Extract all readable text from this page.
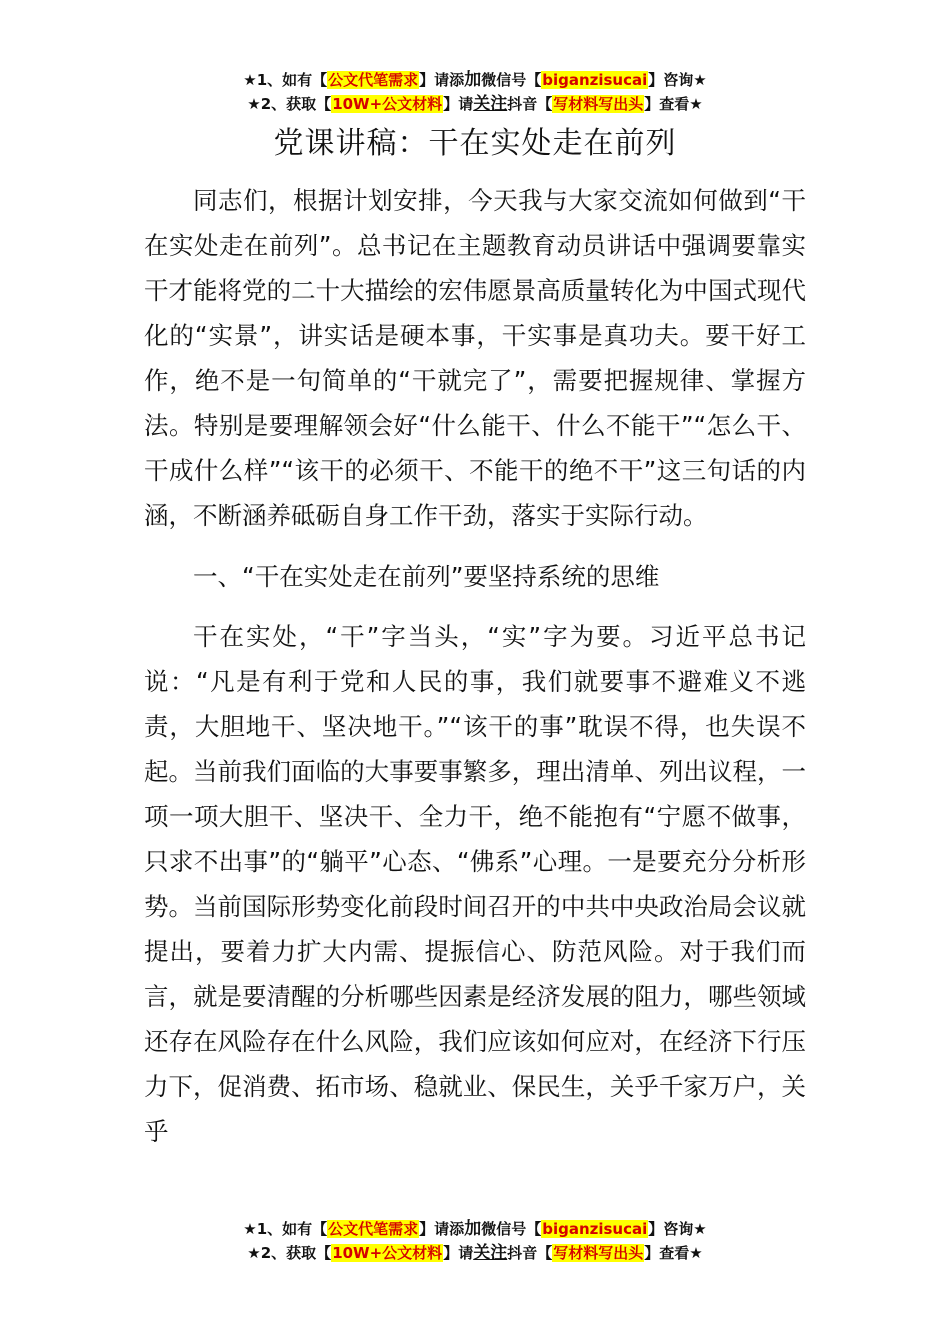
★1、如有【公文代笔需求】请添加微信号【biganzisucai】咨询★
★2、获取【10W+公文材料】请关注抖音【写材料写出头】查看★
党课讲稿：干在实处走在前列

同志们，根据计划安排，今天我与大家交流如何做到“干在实处走在前列”。总书记在主题教育动员讲话中强调要靠实干才能将党的二十大描绘的宏伟愿景高质量转化为中国式现代化的“实景”，讲实话是硬本事，干实事是真功夫。要干好工作，绝不是一句简单的“干就完了”，需要把握规律、掌握方法。特别是要理解领会好“什么能干、什么不能干”“怎么干、干成什么样”“该干的必须干、不能干的绝不干”这三句话的内涵，不断涵养砥砺自身工作干劲，落实于实际行动。

一、“干在实处走在前列”要坚持系统的思维

干在实处，“干”字当头，“实”字为要。习近平总书记说：“凡是有利于党和人民的事，我们就要事不避难义不逃责，大胆地干、坚决地干。”“该干的事”耽误不得，也失误不起。当前我们面临的大事要事繁多，理出清单、列出议程，一项一项大胆干、坚决干、全力干，绝不能抱有“宁愿不做事，只求不出事”的“躺平”心态、“佛系”心理。一是要充分分析形势。当前国际形势变化前段时间召开的中共中央政治局会议就提出，要着力扩大内需、提振信心、防范风险。对于我们而言，就是要清醒的分析哪些因素是经济发展的阻力，哪些领域还存在风险存在什么风险，我们应该如何应对，在经济下行压力下，促消费、拓市场、稳就业、保民生，关乎千家万户，关乎

★1、如有【公文代笔需求】请添加微信号【biganzisucai】咨询★
★2、获取【10W+公文材料】请关注抖音【写材料写出头】查看★
